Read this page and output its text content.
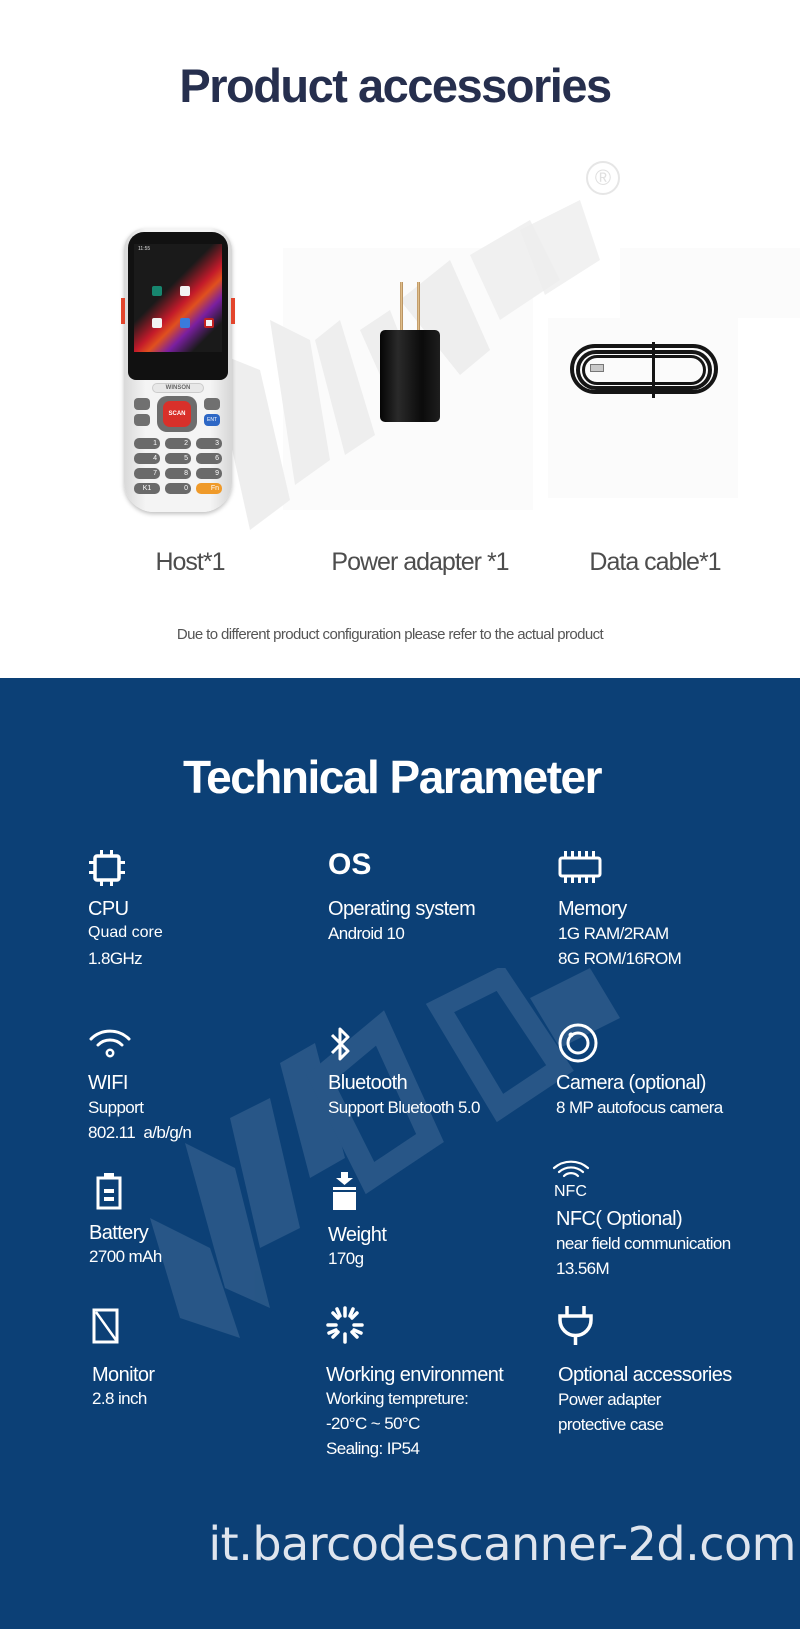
Product accessories
®
11:55
WINSON
SCAN
ENT
1	2	3
4	5	6
7	8	9
K1	0	Fn
Host*1	Power adapter *1	Data cable*1

Due to different product configuration please refer to the actual product

Technical Parameter
CPU
Quad core
1.8GHz
OS
Operating system
Android 10
Memory
1G RAM/2RAM
8G ROM/16ROM
WIFI
Support
802.11  a/b/g/n
Bluetooth
Support Bluetooth 5.0
Camera (optional)
8 MP autofocus camera
Battery
2700 mAh
Weight
170g
NFC
NFC( Optional)
near field communication
13.56M
Monitor
2.8 inch
Working environment
Working tempreture:
-20°C ~ 50°C
Sealing: IP54
Optional accessories
Power adapter
protective case
it.barcodescanner-2d.com
